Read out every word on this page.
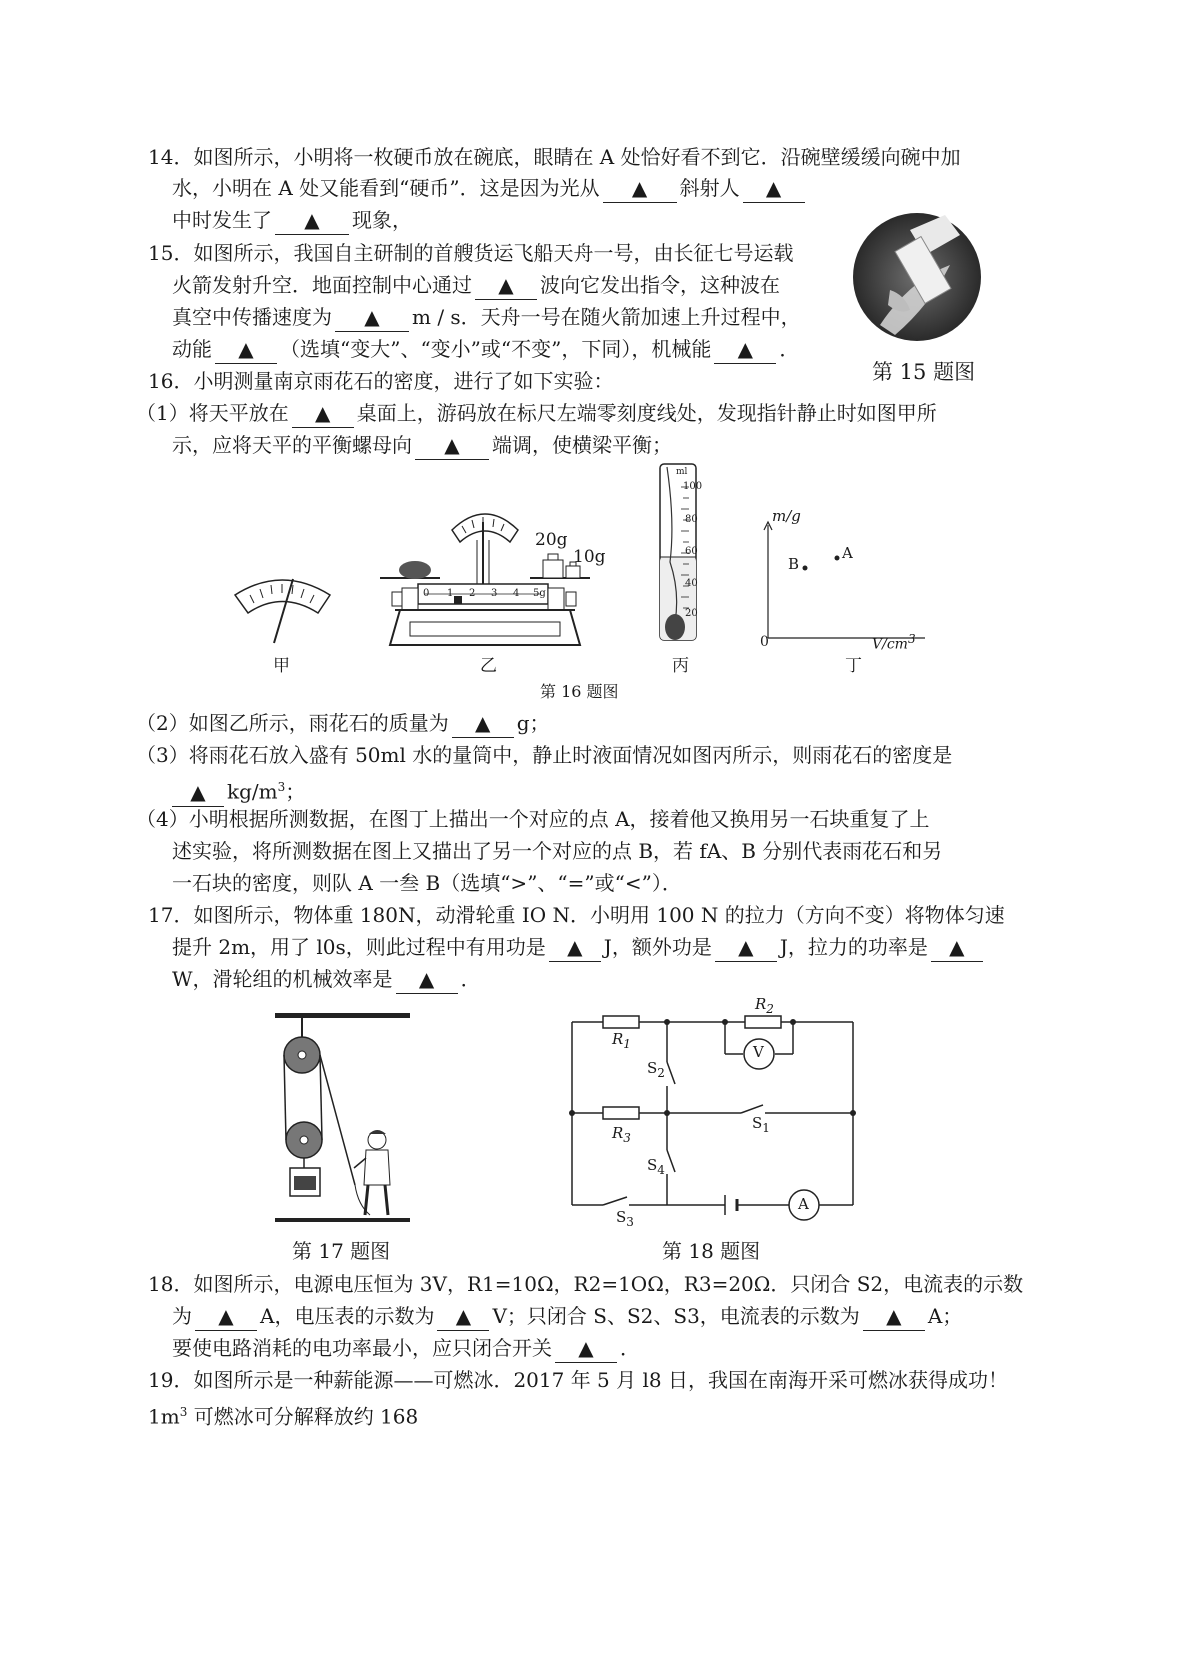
14．如图所示，小明将一枚硬币放在碗底，眼睛在 A 处恰好看不到它．沿碗壁缓缓向碗中加
水，小明在 A 处又能看到“硬币”．这是因为光从 ▲ 斜射人 ▲
中时发生了 ▲ 现象，
15．如图所示，我国自主研制的首艘货运飞船天舟一号，由长征七号运载
火箭发射升空．地面控制中心通过 ▲ 波向它发出指令，这种波在
真空中传播速度为 ▲ m / s．天舟一号在随火箭加速上升过程中，
动能 ▲ （选填“变大”、“变小”或“不变”，下同），机械能 ▲ ．
第 15 题图
16．小明测量南京雨花石的密度，进行了如下实验：
（1）将天平放在 ▲ 桌面上，游码放在标尺左端零刻度线处，发现指针静止时如图甲所
示，应将天平的平衡螺母向 ▲ 端调，使横梁平衡；
甲
20g
10g
0 1 2 3 4 5g
乙
ml
100
80
60
40
20
丙
m/g
A
B
0	$V/cm^3$
丁
第 16 题图
（2）如图乙所示，雨花石的质量为 ▲ g；
（3）将雨花石放入盛有 50ml 水的量筒中，静止时液面情况如图丙所示，则雨花石的密度是
▲ $kg/m^3$；
（4）小明根据所测数据，在图丁上描出一个对应的点 A，接着他又换用另一石块重复了上
述实验，将所测数据在图上又描出了另一个对应的点 B，若 fA、B 分别代表雨花石和另
一石块的密度，则队 A 一叁 B（选填“>”、“=”或“<”）．
17．如图所示，物体重 180N，动滑轮重 IO N．小明用 100 N 的拉力（方向不变）将物体匀速
提升 2m，用了 l0s，则此过程中有用功是 ▲ J，额外功是 ▲ J，拉力的功率是 ▲
W，滑轮组的机械效率是 ▲ ．
第 17 题图
V
A
$R_1$
$R_2$
$R_3$
$S_2$
$S_1$
$S_4$
$S_3$
第 18 题图
18．如图所示，电源电压恒为 3V，R1=10Ω，R2=1OΩ，R3=20Ω．只闭合 S2，电流表的示数
为 ▲ A，电压表的示数为 ▲ V；只闭合 S、S2、S3，电流表的示数为 ▲ A；
要使电路消耗的电功率最小，应只闭合开关 ▲ ．
19．如图所示是一种薪能源——可燃冰．2017 年 5 月 l8 日，我国在南海开采可燃冰获得成功！
$1m^3$ 可燃冰可分解释放约 168
